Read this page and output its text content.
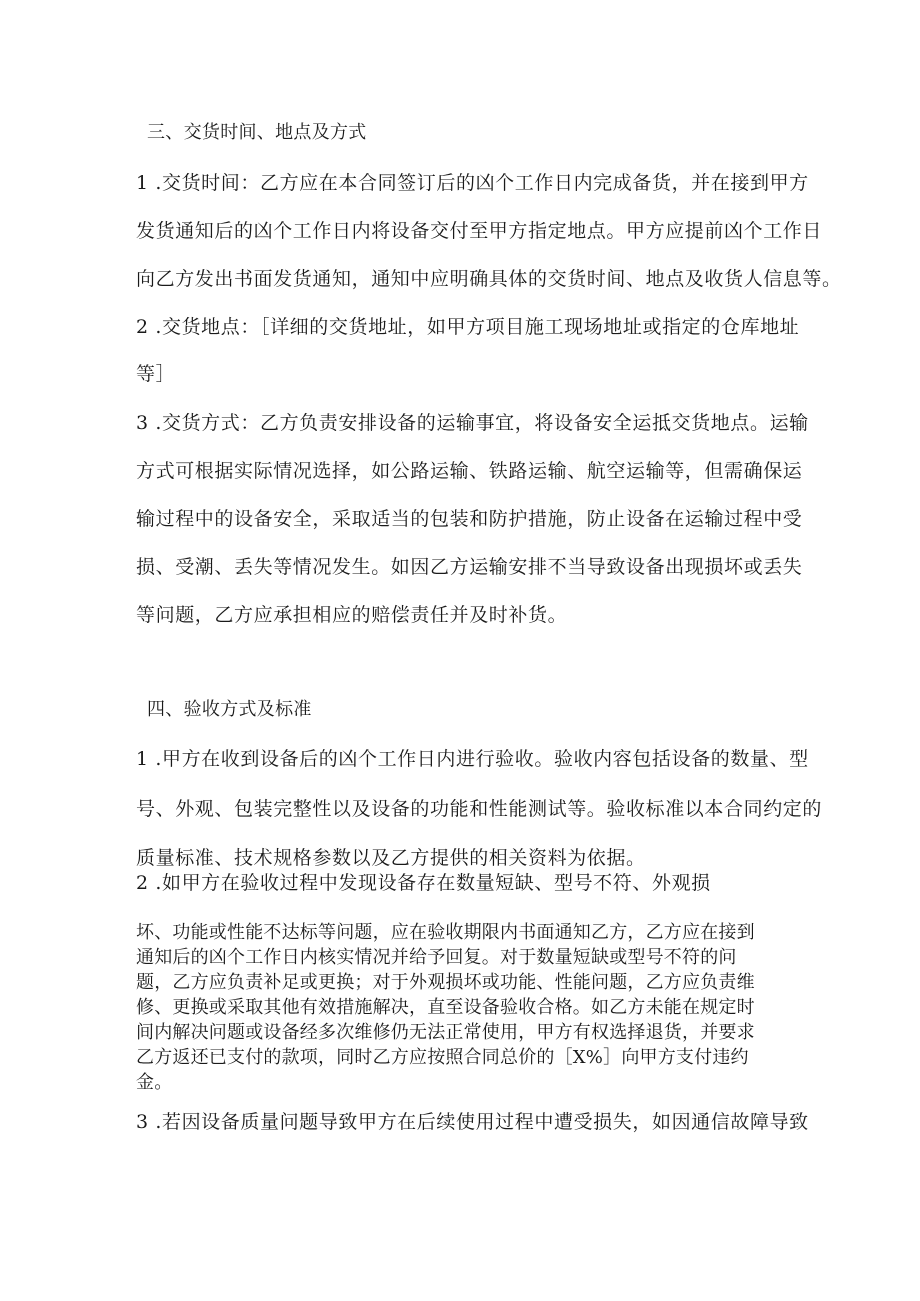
三、交货时间、地点及方式
1 .交货时间：乙方应在本合同签订后的凶个工作日内完成备货，并在接到甲方
发货通知后的凶个工作日内将设备交付至甲方指定地点。甲方应提前凶个工作日
向乙方发出书面发货通知，通知中应明确具体的交货时间、地点及收货人信息等。
2 .交货地点：［详细的交货地址，如甲方项目施工现场地址或指定的仓库地址
等］
3 .交货方式：乙方负责安排设备的运输事宜，将设备安全运抵交货地点。运输
方式可根据实际情况选择，如公路运输、铁路运输、航空运输等，但需确保运
输过程中的设备安全，采取适当的包装和防护措施，防止设备在运输过程中受
损、受潮、丢失等情况发生。如因乙方运输安排不当导致设备出现损坏或丢失
等问题，乙方应承担相应的赔偿责任并及时补货。
四、验收方式及标准
1 .甲方在收到设备后的凶个工作日内进行验收。验收内容包括设备的数量、型
号、外观、包装完整性以及设备的功能和性能测试等。验收标准以本合同约定的
质量标准、技术规格参数以及乙方提供的相关资料为依据。
2 .如甲方在验收过程中发现设备存在数量短缺、型号不符、外观损
坏、功能或性能不达标等问题，应在验收期限内书面通知乙方，乙方应在接到
通知后的凶个工作日内核实情况并给予回复。对于数量短缺或型号不符的问
题，乙方应负责补足或更换；对于外观损坏或功能、性能问题，乙方应负责维
修、更换或采取其他有效措施解决，直至设备验收合格。如乙方未能在规定时
间内解决问题或设备经多次维修仍无法正常使用，甲方有权选择退货，并要求
乙方返还已支付的款项，同时乙方应按照合同总价的［X%］向甲方支付违约
金。
3 .若因设备质量问题导致甲方在后续使用过程中遭受损失，如因通信故障导致
